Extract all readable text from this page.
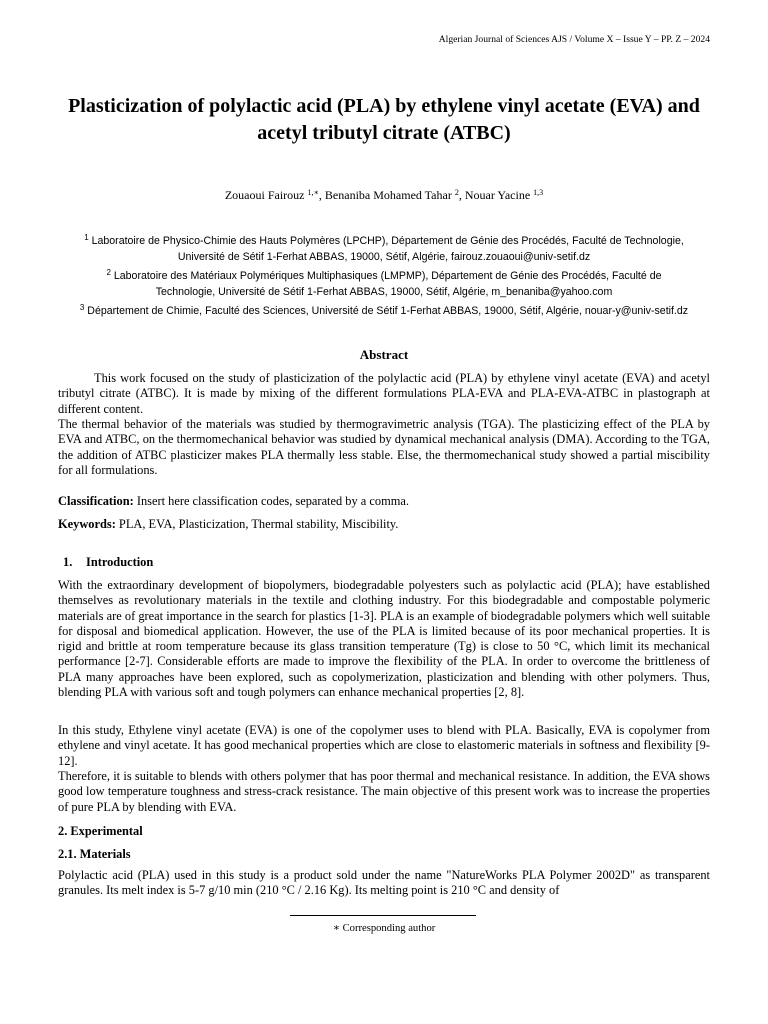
Algerian Journal of Sciences AJS / Volume X – Issue Y – PP. Z – 2024
Plasticization of polylactic acid (PLA) by ethylene vinyl acetate (EVA) and acetyl tributyl citrate (ATBC)
Zouaoui Fairouz $^{1,∗}$, Benaniba Mohamed Tahar $^2$, Nouar Yacine $^{1,3}$
$^1$ Laboratoire de Physico-Chimie des Hauts Polymères (LPCHP), Département de Génie des Procédés, Faculté de Technologie, Université de Sétif 1-Ferhat ABBAS, 19000, Sétif, Algérie, fairouz.zouaoui@univ-setif.dz
$^2$ Laboratoire des Matériaux Polymériques Multiphasiques (LMPMP), Département de Génie des Procédés, Faculté de Technologie, Université de Sétif 1-Ferhat ABBAS, 19000, Sétif, Algérie, m_benaniba@yahoo.com
$^3$ Département de Chimie, Faculté des Sciences, Université de Sétif 1-Ferhat ABBAS, 19000, Sétif, Algérie, nouar-y@univ-setif.dz
Abstract
This work focused on the study of plasticization of the polylactic acid (PLA) by ethylene vinyl acetate (EVA) and acetyl tributyl citrate (ATBC). It is made by mixing of the different formulations PLA-EVA and PLA-EVA-ATBC in plastograph at different content.
The thermal behavior of the materials was studied by thermogravimetric analysis (TGA). The plasticizing effect of the PLA by EVA and ATBC, on the thermomechanical behavior was studied by dynamical mechanical analysis (DMA). According to the TGA, the addition of ATBC plasticizer makes PLA thermally less stable. Else, the thermomechanical study showed a partial miscibility for all formulations.
Classification: Insert here classification codes, separated by a comma.
Keywords: PLA, EVA, Plasticization, Thermal stability, Miscibility.
1. Introduction
With the extraordinary development of biopolymers, biodegradable polyesters such as polylactic acid (PLA); have established themselves as revolutionary materials in the textile and clothing industry. For this biodegradable and compostable polymeric materials are of great importance in the search for plastics [1-3]. PLA is an example of biodegradable polymers which well suitable for disposal and biomedical application. However, the use of the PLA is limited because of its poor mechanical properties. It is rigid and brittle at room temperature because its glass transition temperature (Tg) is close to 50 °C, which limit its mechanical performance [2-7]. Considerable efforts are made to improve the flexibility of the PLA. In order to overcome the brittleness of PLA many approaches have been explored, such as copolymerization, plasticization and blending with other polymers. Thus, blending PLA with various soft and tough polymers can enhance mechanical properties [2, 8].
In this study, Ethylene vinyl acetate (EVA) is one of the copolymer uses to blend with PLA. Basically, EVA is copolymer from ethylene and vinyl acetate. It has good mechanical properties which are close to elastomeric materials in softness and flexibility [9-12].
Therefore, it is suitable to blends with others polymer that has poor thermal and mechanical resistance. In addition, the EVA shows good low temperature toughness and stress-crack resistance. The main objective of this present work was to increase the properties of pure PLA by blending with EVA.
2. Experimental
2.1. Materials
Polylactic acid (PLA) used in this study is a product sold under the name "NatureWorks PLA Polymer 2002D" as transparent granules. Its melt index is 5-7 g/10 min (210 °C / 2.16 Kg). Its melting point is 210 °C and density of
∗ Corresponding author
